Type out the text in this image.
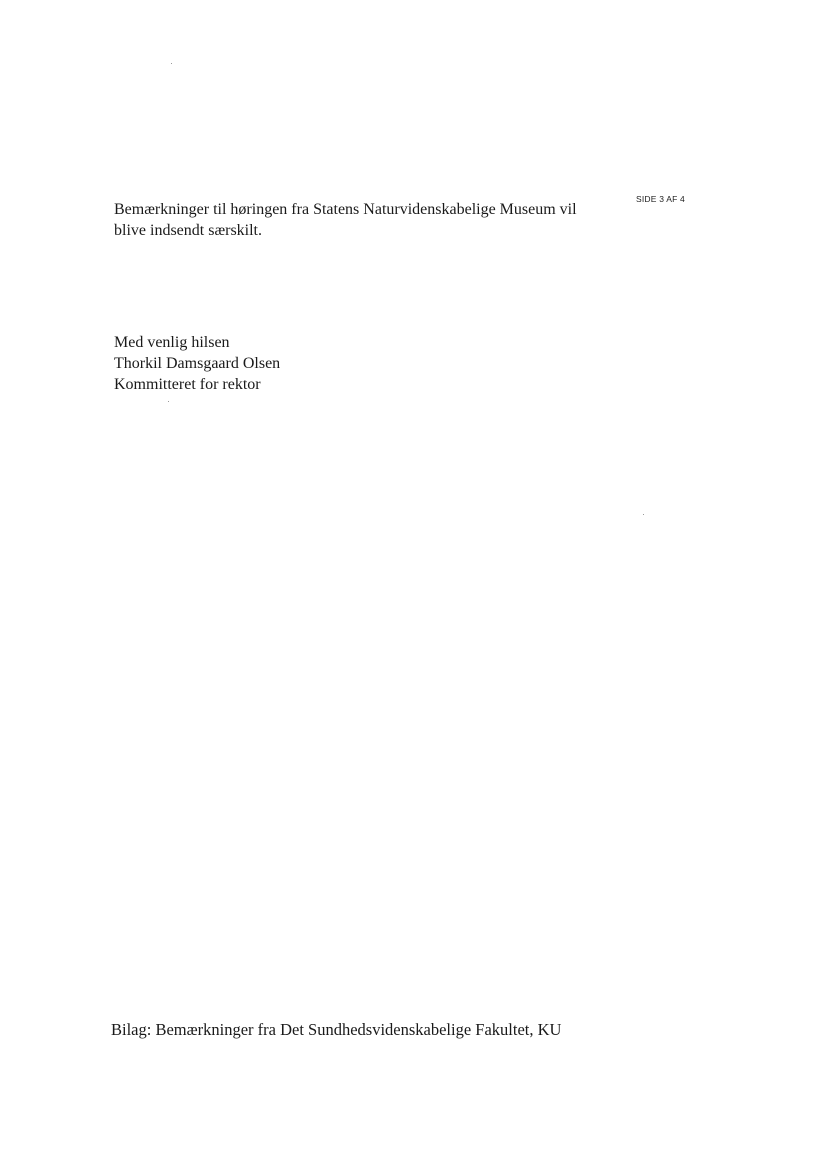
SIDE 3 AF 4
Bemærkninger til høringen fra Statens Naturvidenskabelige Museum vil
blive indsendt særskilt.
Med venlig hilsen
Thorkil Damsgaard Olsen
Kommitteret for rektor
Bilag: Bemærkninger fra Det Sundhedsvidenskabelige Fakultet, KU
